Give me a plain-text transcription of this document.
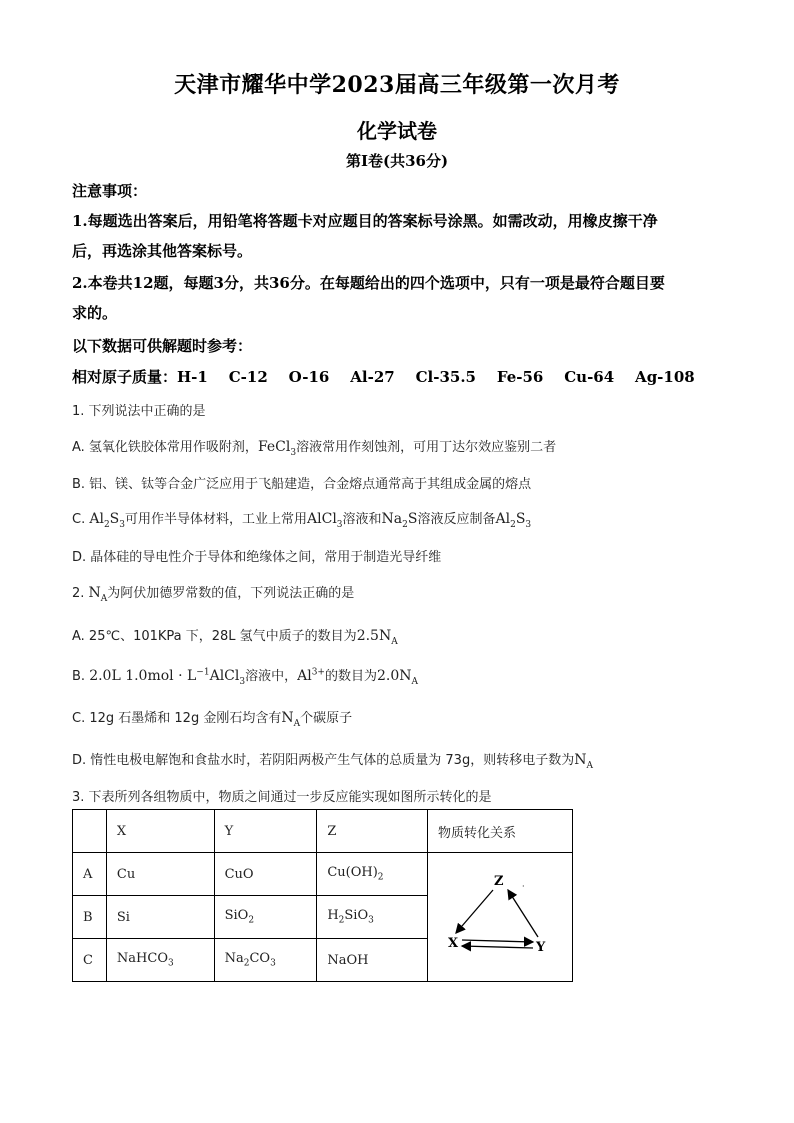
天津市耀华中学2023届高三年级第一次月考
化学试卷
第Ⅰ卷(共36分)
注意事项：
1.每题选出答案后，用铅笔将答题卡对应题目的答案标号涂黑。如需改动，用橡皮擦干净
后，再选涂其他答案标号。
2.本卷共12题，每题3分，共36分。在每题给出的四个选项中，只有一项是最符合题目要
求的。
以下数据可供解题时参考：
相对原子质量：H-1    C-12    O-16    Al-27    Cl-35.5    Fe-56    Cu-64    Ag-108
1. 下列说法中正确的是
A. 氢氧化铁胶体常用作吸附剂，FeCl$_3$溶液常用作刻蚀剂，可用丁达尔效应鉴别二者
B. 铝、镁、钛等合金广泛应用于飞船建造，合金熔点通常高于其组成金属的熔点
C. $Al_2S_3$可用作半导体材料，工业上常用AlCl$_3$溶液和$Na_2S$溶液反应制备$Al_2S_3$
D. 晶体硅的导电性介于导体和绝缘体之间，常用于制造光导纤维
2. $N_A$为阿伏加德罗常数的值，下列说法正确的是
A. 25℃、101KPa 下，28L 氢气中质子的数目为$2.5N_A$
B. 2.0L $1.0mol \cdot L^{-1}AlCl_3$溶液中，$Al^{3+}$的数目为$2.0N_A$
C. 12g 石墨烯和 12g 金刚石均含有$N_A$个碳原子
D. 惰性电极电解饱和食盐水时，若阴阳两极产生气体的总质量为 73g，则转移电子数为$N_A$
3. 下表所列各组物质中，物质之间通过一步反应能实现如图所示转化的是
	X	Y	Z	物质转化关系
A	Cu	CuO	$Cu(OH)_2$	Z
X Y
·

B	Si	SiO$_2$	$H_2SiO_3$
C	NaHCO$_3$	$Na_2CO_3$	NaOH	
